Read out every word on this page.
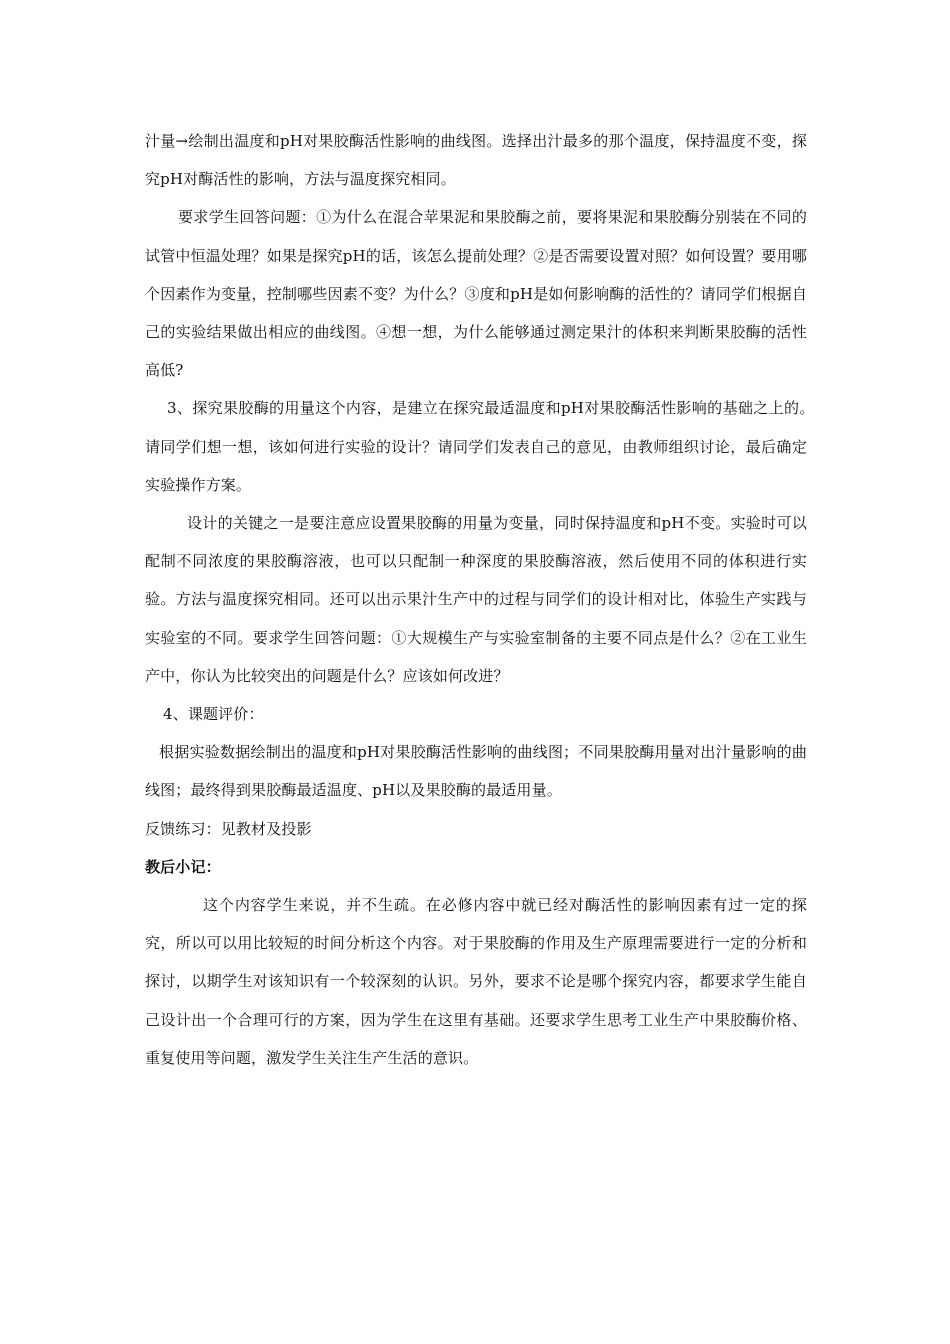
汁量→绘制出温度和pH对果胶酶活性影响的曲线图。选择出汁最多的那个温度，保持温度不变，探究pH对酶活性的影响，方法与温度探究相同。

要求学生回答问题：①为什么在混合苹果泥和果胶酶之前，要将果泥和果胶酶分别装在不同的试管中恒温处理？如果是探究pH的话，该怎么提前处理？②是否需要设置对照？如何设置？要用哪个因素作为变量，控制哪些因素不变？为什么？③度和pH是如何影响酶的活性的？请同学们根据自己的实验结果做出相应的曲线图。④想一想，为什么能够通过测定果汁的体积来判断果胶酶的活性高低?

3、探究果胶酶的用量这个内容，是建立在探究最适温度和pH对果胶酶活性影响的基础之上的。　请同学们想一想，该如何进行实验的设计？请同学们发表自己的意见，由教师组织讨论，最后确定实验操作方案。

设计的关键之一是要注意应设置果胶酶的用量为变量，同时保持温度和pH不变。实验时可以配制不同浓度的果胶酶溶液，也可以只配制一种深度的果胶酶溶液，然后使用不同的体积进行实验。方法与温度探究相同。还可以出示果汁生产中的过程与同学们的设计相对比，体验生产实践与实验室的不同。要求学生回答问题：①大规模生产与实验室制备的主要不同点是什么？②在工业生产中，你认为比较突出的问题是什么？应该如何改进？

4、课题评价：

根据实验数据绘制出的温度和pH对果胶酶活性影响的曲线图；不同果胶酶用量对出汁量影响的曲线图；最终得到果胶酶最适温度、pH以及果胶酶的最适用量。

反馈练习：见教材及投影

教后小记：

这个内容学生来说，并不生疏。在必修内容中就已经对酶活性的影响因素有过一定的探究，所以可以用比较短的时间分析这个内容。对于果胶酶的作用及生产原理需要进行一定的分析和探讨，以期学生对该知识有一个较深刻的认识。另外，要求不论是哪个探究内容，都要求学生能自己设计出一个合理可行的方案，因为学生在这里有基础。还要求学生思考工业生产中果胶酶价格、重复使用等问题，激发学生关注生产生活的意识。
